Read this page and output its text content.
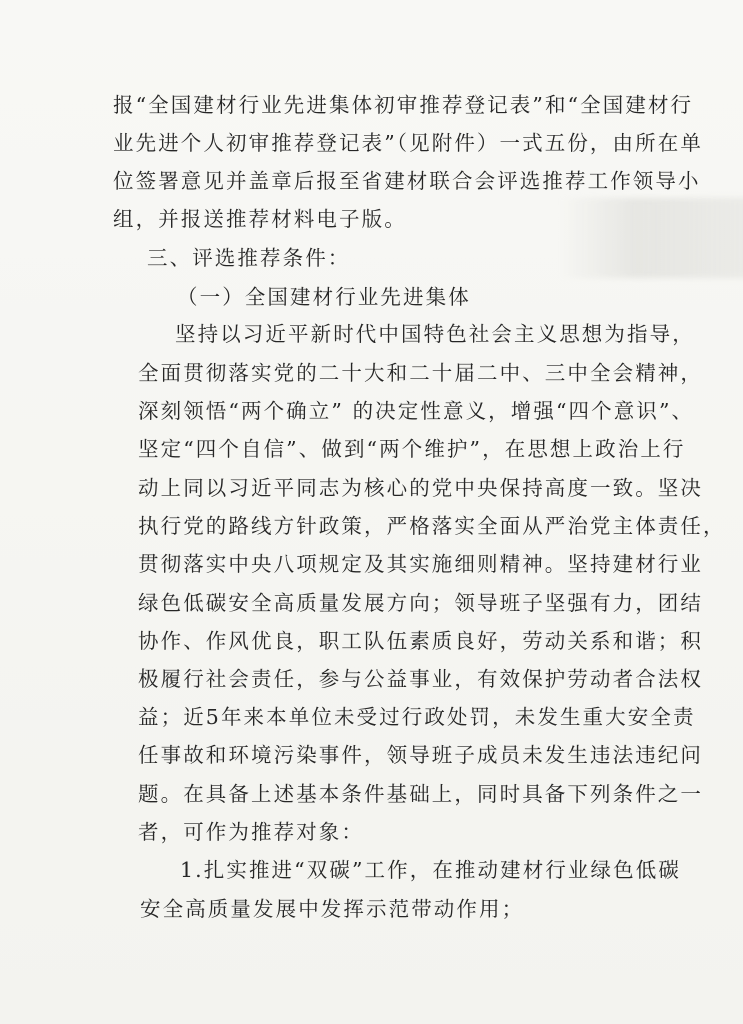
报“全国建材行业先进集体初审推荐登记表”和“全国建材行
业先进个人初审推荐登记表”（见附件）一式五份，由所在单
位签署意见并盖章后报至省建材联合会评选推荐工作领导小
组，并报送推荐材料电子版。
三、评选推荐条件：
（一）全国建材行业先进集体
坚持以习近平新时代中国特色社会主义思想为指导，
全面贯彻落实党的二十大和二十届二中、三中全会精神，
深刻领悟“两个确立” 的决定性意义，增强“四个意识”、
坚定“四个自信”、做到“两个维护”，在思想上政治上行
动上同以习近平同志为核心的党中央保持高度一致。坚决
执行党的路线方针政策，严格落实全面从严治党主体责任，
贯彻落实中央八项规定及其实施细则精神。坚持建材行业
绿色低碳安全高质量发展方向；领导班子坚强有力，团结
协作、作风优良，职工队伍素质良好，劳动关系和谐；积
极履行社会责任，参与公益事业，有效保护劳动者合法权
益；近5年来本单位未受过行政处罚，未发生重大安全责
任事故和环境污染事件，领导班子成员未发生违法违纪问
题。在具备上述基本条件基础上，同时具备下列条件之一
者，可作为推荐对象：
1.扎实推进“双碳”工作，在推动建材行业绿色低碳
安全高质量发展中发挥示范带动作用；
